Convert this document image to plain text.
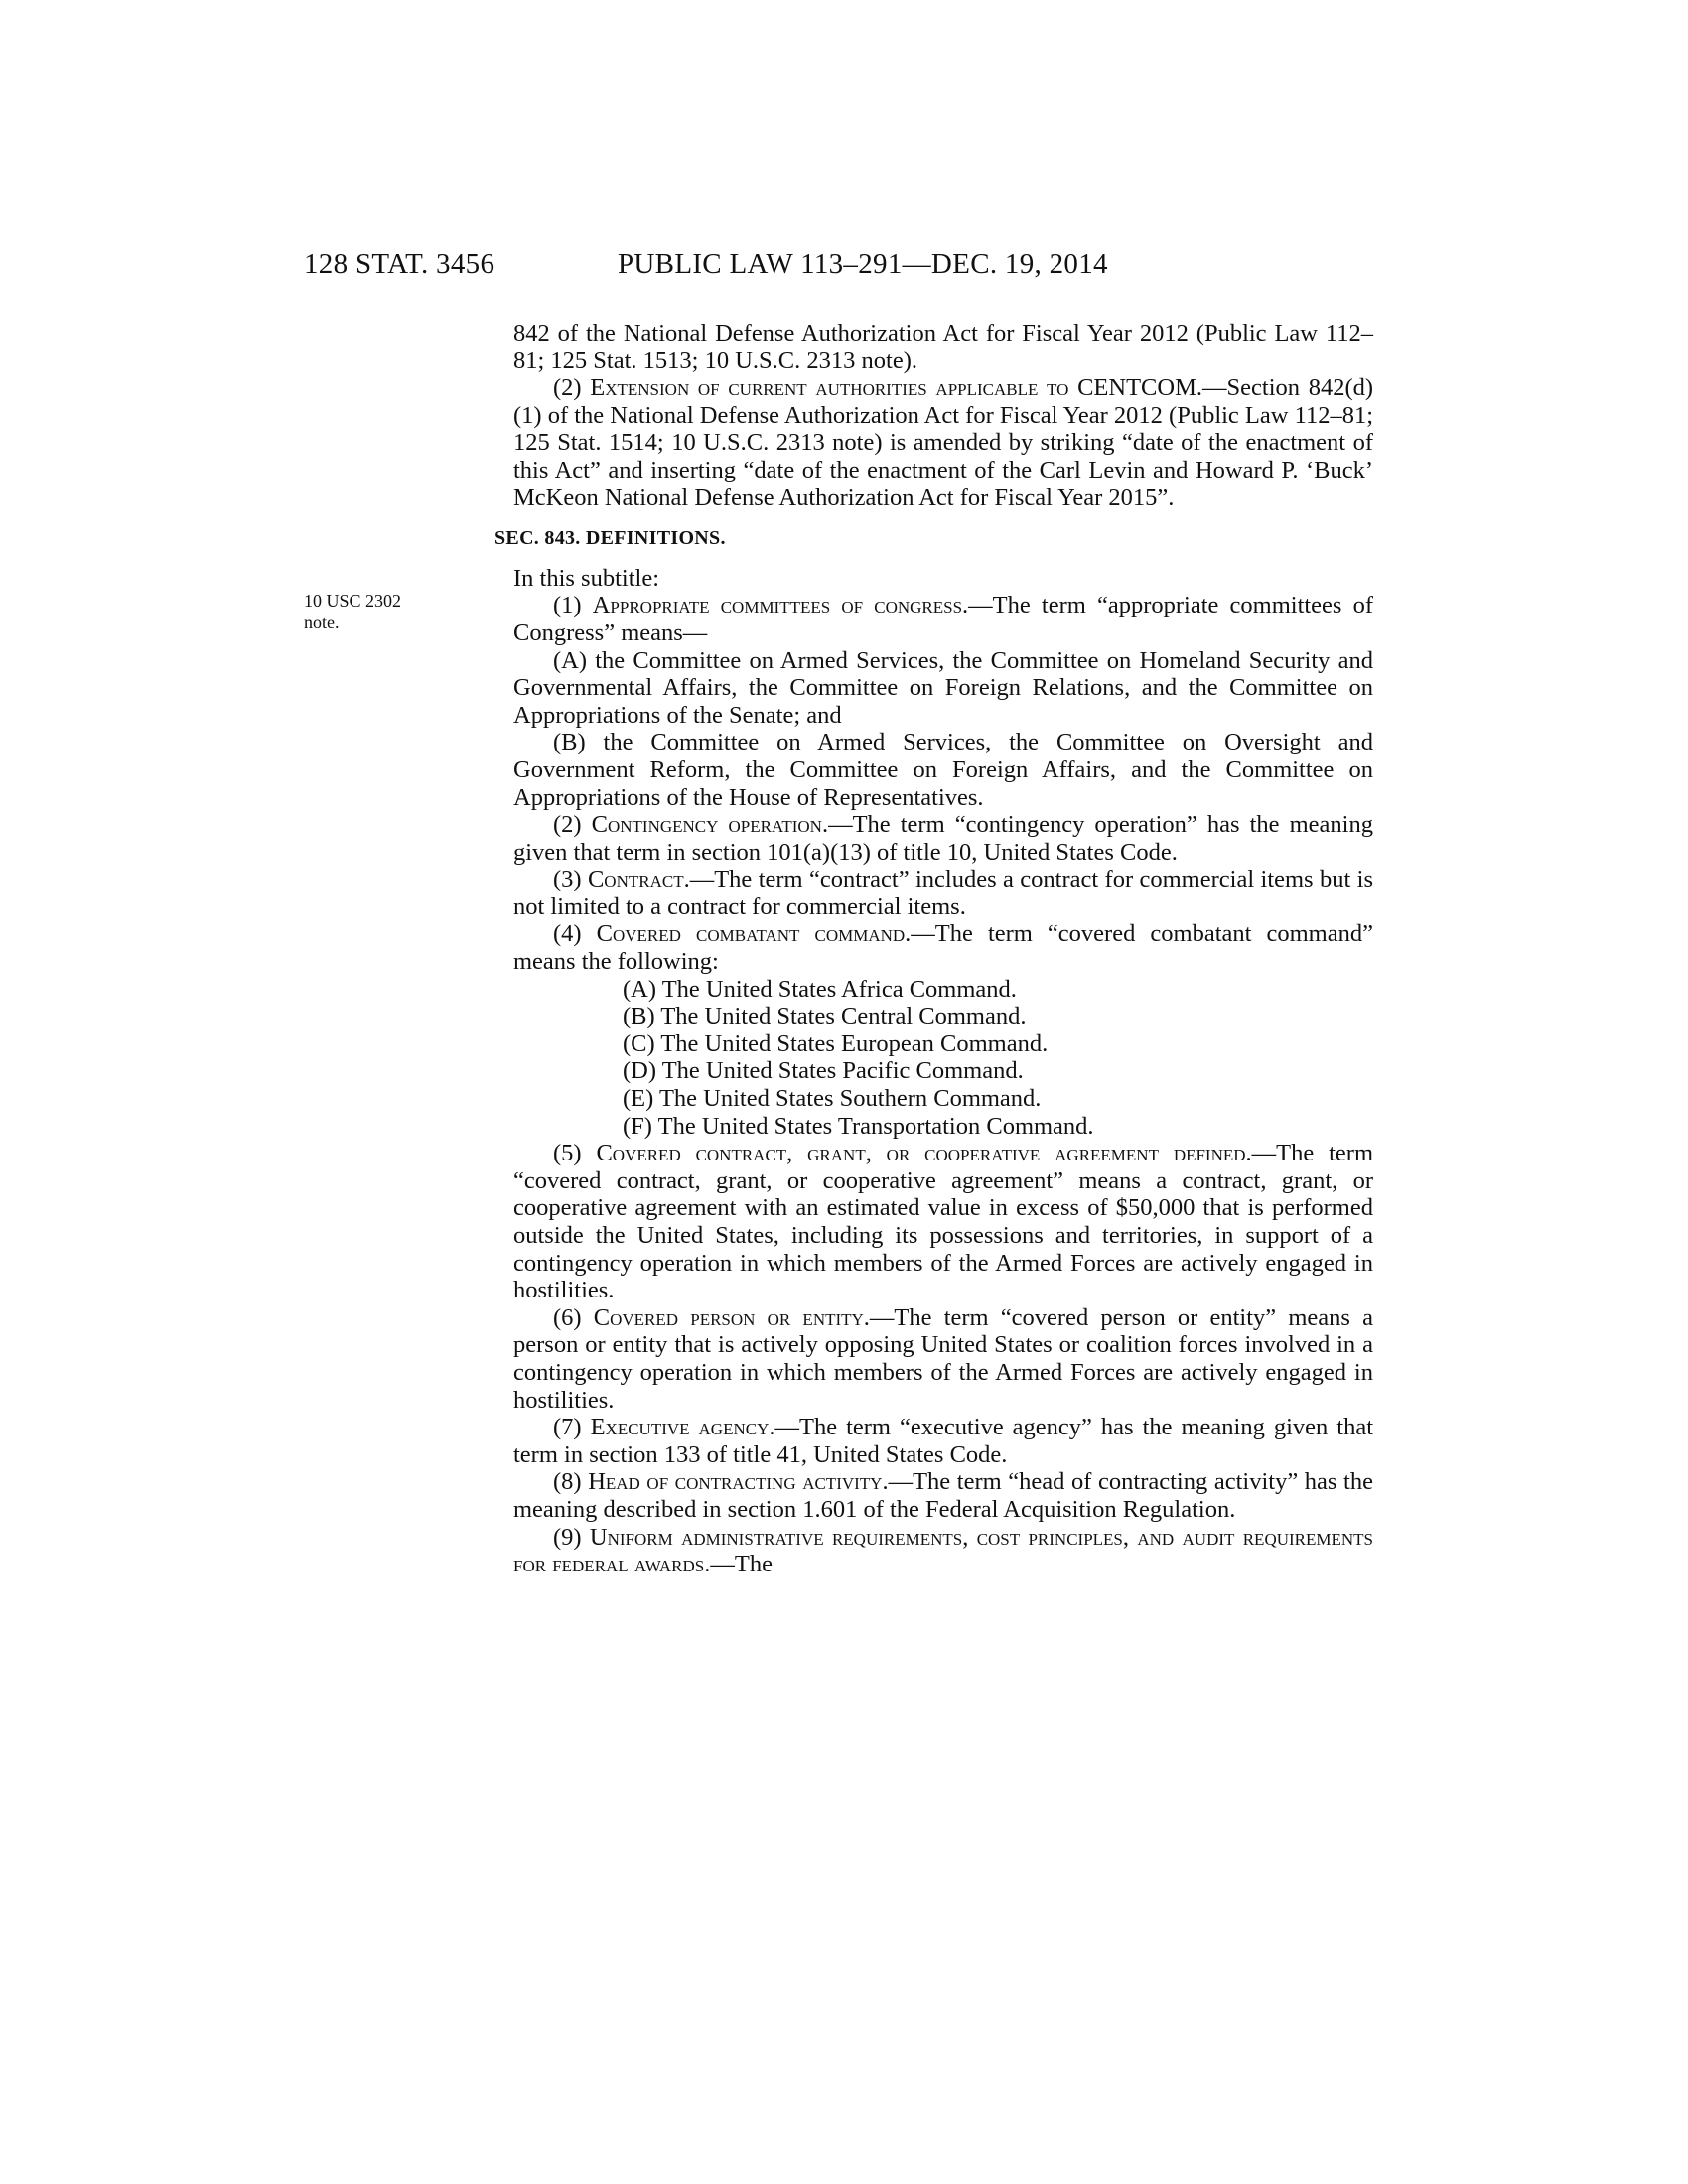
128 STAT. 3456	PUBLIC LAW 113–291—DEC. 19, 2014
10 USC 2302
note.

842 of the National Defense Authorization Act for Fiscal Year 2012 (Public Law 112–81; 125 Stat. 1513; 10 U.S.C. 2313 note).

(2) Extension of current authorities applicable to CENTCOM.—Section 842(d)(1) of the National Defense Authorization Act for Fiscal Year 2012 (Public Law 112–81; 125 Stat. 1514; 10 U.S.C. 2313 note) is amended by striking “date of the enactment of this Act” and inserting “date of the enactment of the Carl Levin and Howard P. ‘Buck’ McKeon National Defense Authorization Act for Fiscal Year 2015”.

SEC. 843. DEFINITIONS.

In this subtitle:

(1) Appropriate committees of congress.—The term “appropriate committees of Congress” means—

(A) the Committee on Armed Services, the Committee on Homeland Security and Governmental Affairs, the Committee on Foreign Relations, and the Committee on Appropriations of the Senate; and

(B) the Committee on Armed Services, the Committee on Oversight and Government Reform, the Committee on Foreign Affairs, and the Committee on Appropriations of the House of Representatives.

(2) Contingency operation.—The term “contingency operation” has the meaning given that term in section 101(a)(13) of title 10, United States Code.

(3) Contract.—The term “contract” includes a contract for commercial items but is not limited to a contract for commercial items.

(4) Covered combatant command.—The term “covered combatant command” means the following:

(A) The United States Africa Command.

(B) The United States Central Command.

(C) The United States European Command.

(D) The United States Pacific Command.

(E) The United States Southern Command.

(F) The United States Transportation Command.

(5) Covered contract, grant, or cooperative agreement defined.—The term “covered contract, grant, or cooperative agreement” means a contract, grant, or cooperative agreement with an estimated value in excess of $50,000 that is performed outside the United States, including its possessions and territories, in support of a contingency operation in which members of the Armed Forces are actively engaged in hostilities.

(6) Covered person or entity.—The term “covered person or entity” means a person or entity that is actively opposing United States or coalition forces involved in a contingency operation in which members of the Armed Forces are actively engaged in hostilities.

(7) Executive agency.—The term “executive agency” has the meaning given that term in section 133 of title 41, United States Code.

(8) Head of contracting activity.—The term “head of contracting activity” has the meaning described in section 1.601 of the Federal Acquisition Regulation.

(9) Uniform administrative requirements, cost principles, and audit requirements for federal awards.—The
